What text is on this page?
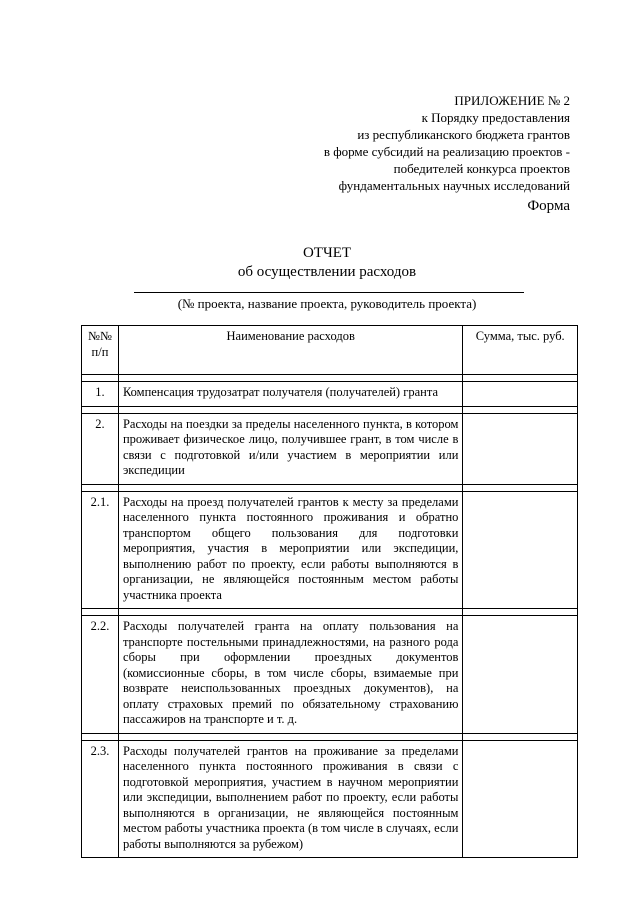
ПРИЛОЖЕНИЕ № 2
к Порядку предоставления
из республиканского бюджета грантов
в форме субсидий на реализацию проектов -
победителей конкурса проектов
фундаментальных научных исследований
Форма
ОТЧЕТ
об осуществлении расходов
(№ проекта, название проекта, руководитель проекта)
№№ п/п	Наименование расходов	Сумма, тыс. руб.

1.	Компенсация трудозатрат получателя (получателей) гранта	

2.	Расходы на поездки за пределы населенного пункта, в котором проживает физическое лицо, получившее грант, в том числе в связи с подготовкой и/или участием в мероприятии или экспедиции	

2.1.	Расходы на проезд получателей грантов к месту за пределами населенного пункта постоянного проживания и обратно транспортом общего пользования для подготовки мероприятия, участия в мероприятии или экспедиции, выполнению работ по проекту, если работы выполняются в организации, не являющейся постоянным местом работы участника проекта	

2.2.	Расходы получателей гранта на оплату пользования на транспорте постельными принадлежностями, на разного рода сборы при оформлении проездных документов (комиссионные сборы, в том числе сборы, взимаемые при возврате неиспользованных проездных документов), на оплату страховых премий по обязательному страхованию пассажиров на транспорте и т. д.	

2.3.	Расходы получателей грантов на проживание за пределами населенного пункта постоянного проживания в связи с подготовкой мероприятия, участием в научном мероприятии или экспедиции, выполнением работ по проекту, если работы выполняются в организации, не являющейся постоянным местом работы участника проекта (в том числе в случаях, если работы выполняются за рубежом)	
